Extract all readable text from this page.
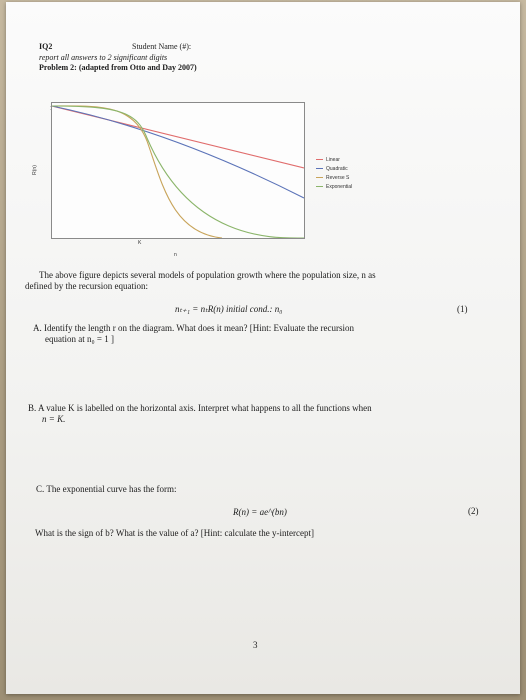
IQ2	Student Name (#):
report all answers to 2 significant digits
Problem 2: (adapted from Otto and Day 2007)
R(n)
K
n
Linear
Quadratic
Reverse S
Exponential
The above figure depicts several models of population growth where the population size, n as
defined by the recursion equation:
nₜ₊₁ = nₜR(n) initial cond.: n₀	(1)
A. Identify the length r on the diagram. What does it mean? [Hint: Evaluate the recursion
equation at n₀ = 1 ]
B. A value K is labelled on the horizontal axis. Interpret what happens to all the functions when
n = K.
C. The exponential curve has the form:
R(n) = ae^(bn)	(2)
What is the sign of b? What is the value of a? [Hint: calculate the y-intercept]
3
